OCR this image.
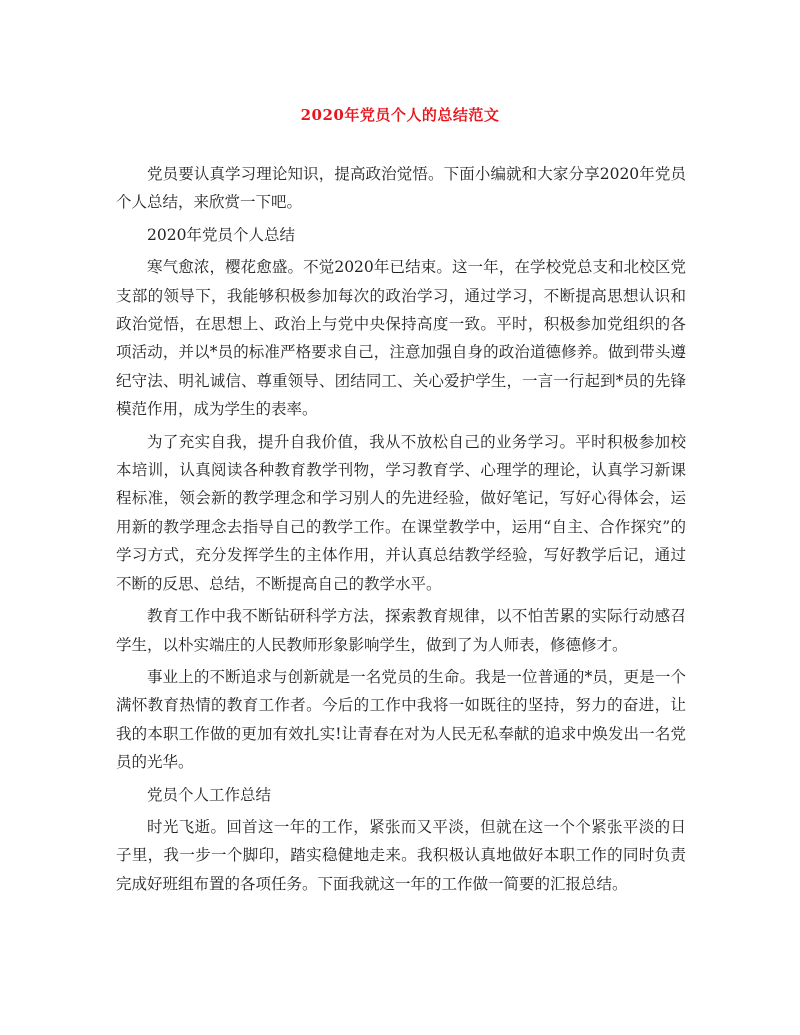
2020年党员个人的总结范文

党员要认真学习理论知识，提高政治觉悟。下面小编就和大家分享2020年党员个人总结，来欣赏一下吧。

2020年党员个人总结

寒气愈浓，樱花愈盛。不觉2020年已结束。这一年，在学校党总支和北校区党支部的领导下，我能够积极参加每次的政治学习，通过学习，不断提高思想认识和政治觉悟，在思想上、政治上与党中央保持高度一致。平时，积极参加党组织的各项活动，并以*员的标准严格要求自己，注意加强自身的政治道德修养。做到带头遵纪守法、明礼诚信、尊重领导、团结同工、关心爱护学生，一言一行起到*员的先锋模范作用，成为学生的表率。

为了充实自我，提升自我价值，我从不放松自己的业务学习。平时积极参加校本培训，认真阅读各种教育教学刊物，学习教育学、心理学的理论，认真学习新课程标准，领会新的教学理念和学习别人的先进经验，做好笔记，写好心得体会，运用新的教学理念去指导自己的教学工作。在课堂教学中，运用“自主、合作探究”的学习方式，充分发挥学生的主体作用，并认真总结教学经验，写好教学后记，通过不断的反思、总结，不断提高自己的教学水平。

教育工作中我不断钻研科学方法，探索教育规律，以不怕苦累的实际行动感召学生，以朴实端庄的人民教师形象影响学生，做到了为人师表，修德修才。

事业上的不断追求与创新就是一名党员的生命。我是一位普通的*员，更是一个满怀教育热情的教育工作者。今后的工作中我将一如既往的坚持，努力的奋进，让我的本职工作做的更加有效扎实!让青春在对为人民无私奉献的追求中焕发出一名党员的光华。

党员个人工作总结

时光飞逝。回首这一年的工作，紧张而又平淡，但就在这一个个紧张平淡的日子里，我一步一个脚印，踏实稳健地走来。我积极认真地做好本职工作的同时负责完成好班组布置的各项任务。下面我就这一年的工作做一简要的汇报总结。
